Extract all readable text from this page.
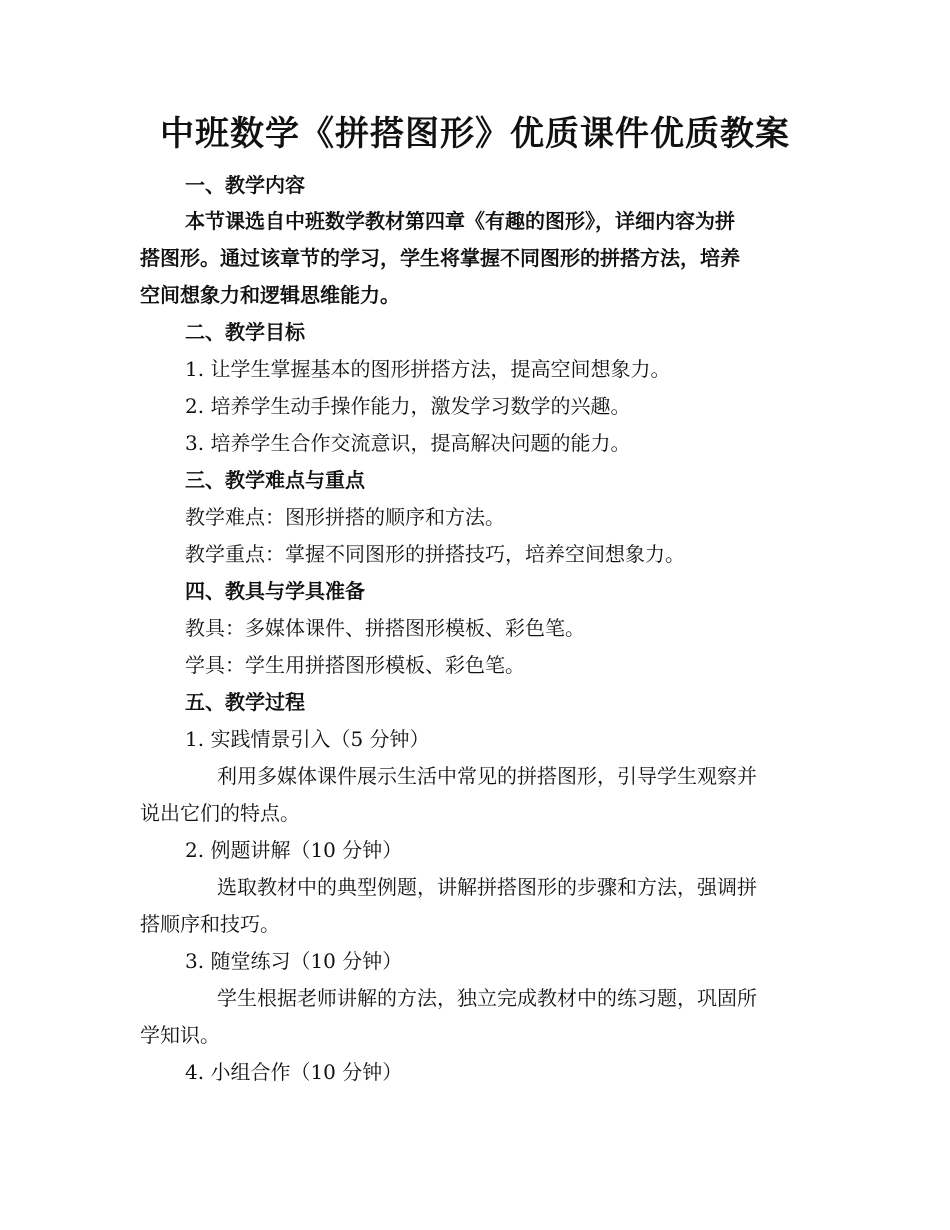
中班数学《拼搭图形》优质课件优质教案
一、教学内容
本节课选自中班数学教材第四章《有趣的图形》，详细内容为拼
搭图形。通过该章节的学习，学生将掌握不同图形的拼搭方法，培养
空间想象力和逻辑思维能力。
二、教学目标
1. 让学生掌握基本的图形拼搭方法，提高空间想象力。
2. 培养学生动手操作能力，激发学习数学的兴趣。
3. 培养学生合作交流意识，提高解决问题的能力。
三、教学难点与重点
教学难点：图形拼搭的顺序和方法。
教学重点：掌握不同图形的拼搭技巧，培养空间想象力。
四、教具与学具准备
教具：多媒体课件、拼搭图形模板、彩色笔。
学具：学生用拼搭图形模板、彩色笔。
五、教学过程
1. 实践情景引入（5 分钟）
利用多媒体课件展示生活中常见的拼搭图形，引导学生观察并
说出它们的特点。
2. 例题讲解（10 分钟）
选取教材中的典型例题，讲解拼搭图形的步骤和方法，强调拼
搭顺序和技巧。
3. 随堂练习（10 分钟）
学生根据老师讲解的方法，独立完成教材中的练习题，巩固所
学知识。
4. 小组合作（10 分钟）
